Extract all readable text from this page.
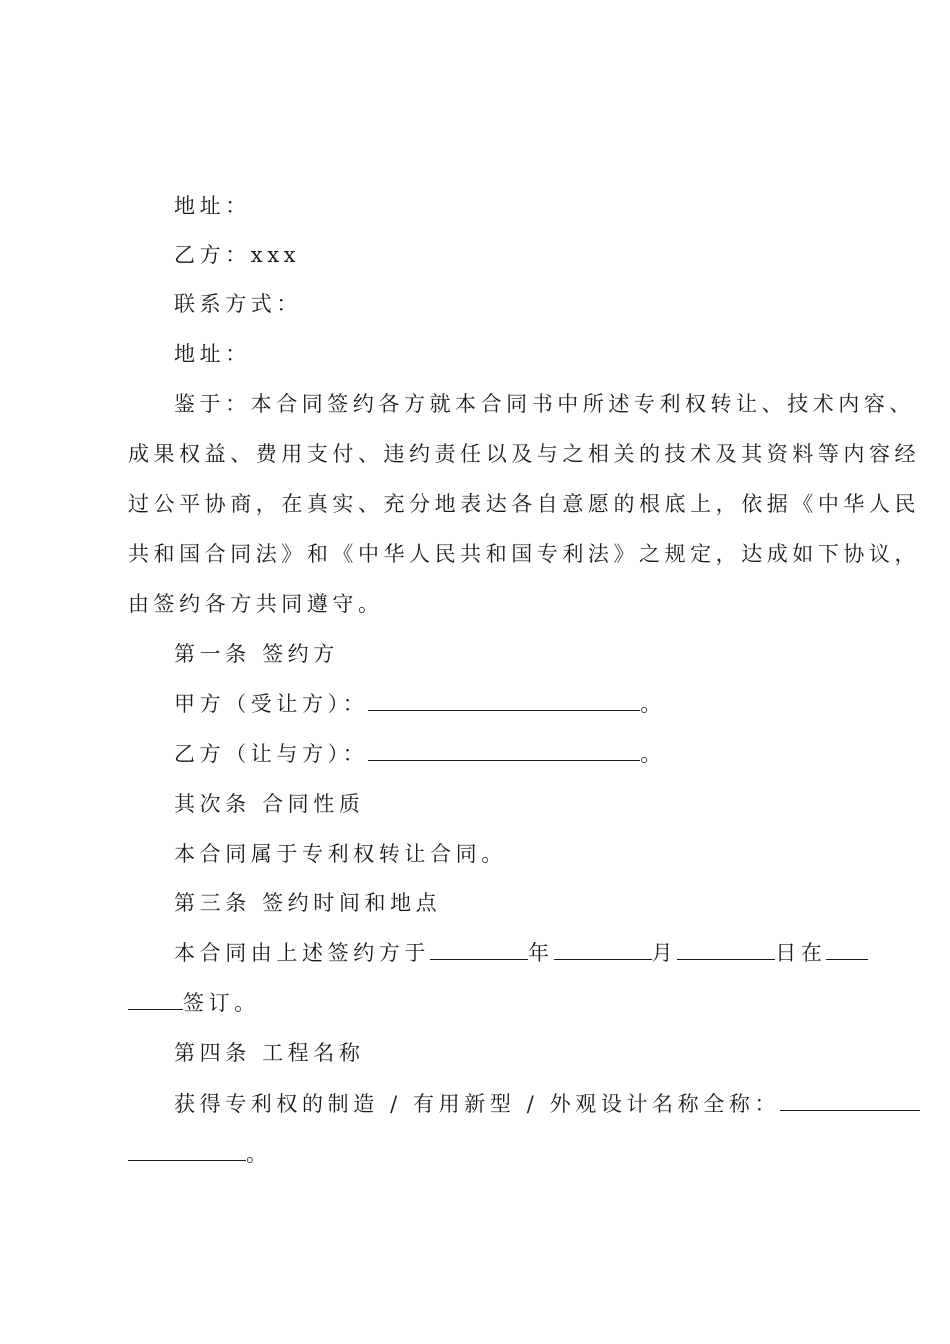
地址：
乙方：xxx
联系方式：
地址：
鉴于：本合同签约各方就本合同书中所述专利权转让、技术内容、
成果权益、费用支付、违约责任以及与之相关的技术及其资料等内容经
过公平协商，在真实、充分地表达各自意愿的根底上，依据《中华人民
共和国合同法》和《中华人民共和国专利法》之规定，达成如下协议，
由签约各方共同遵守。
第一条 签约方
甲方（受让方）：	。
乙方（让与方）：	。
其次条 合同性质
本合同属于专利权转让合同。
第三条 签约时间和地点
本合同由上述签约方于	年	月	日在
签订。
第四条 工程名称
获得专利权的制造 / 有用新型 / 外观设计名称全称：
。
